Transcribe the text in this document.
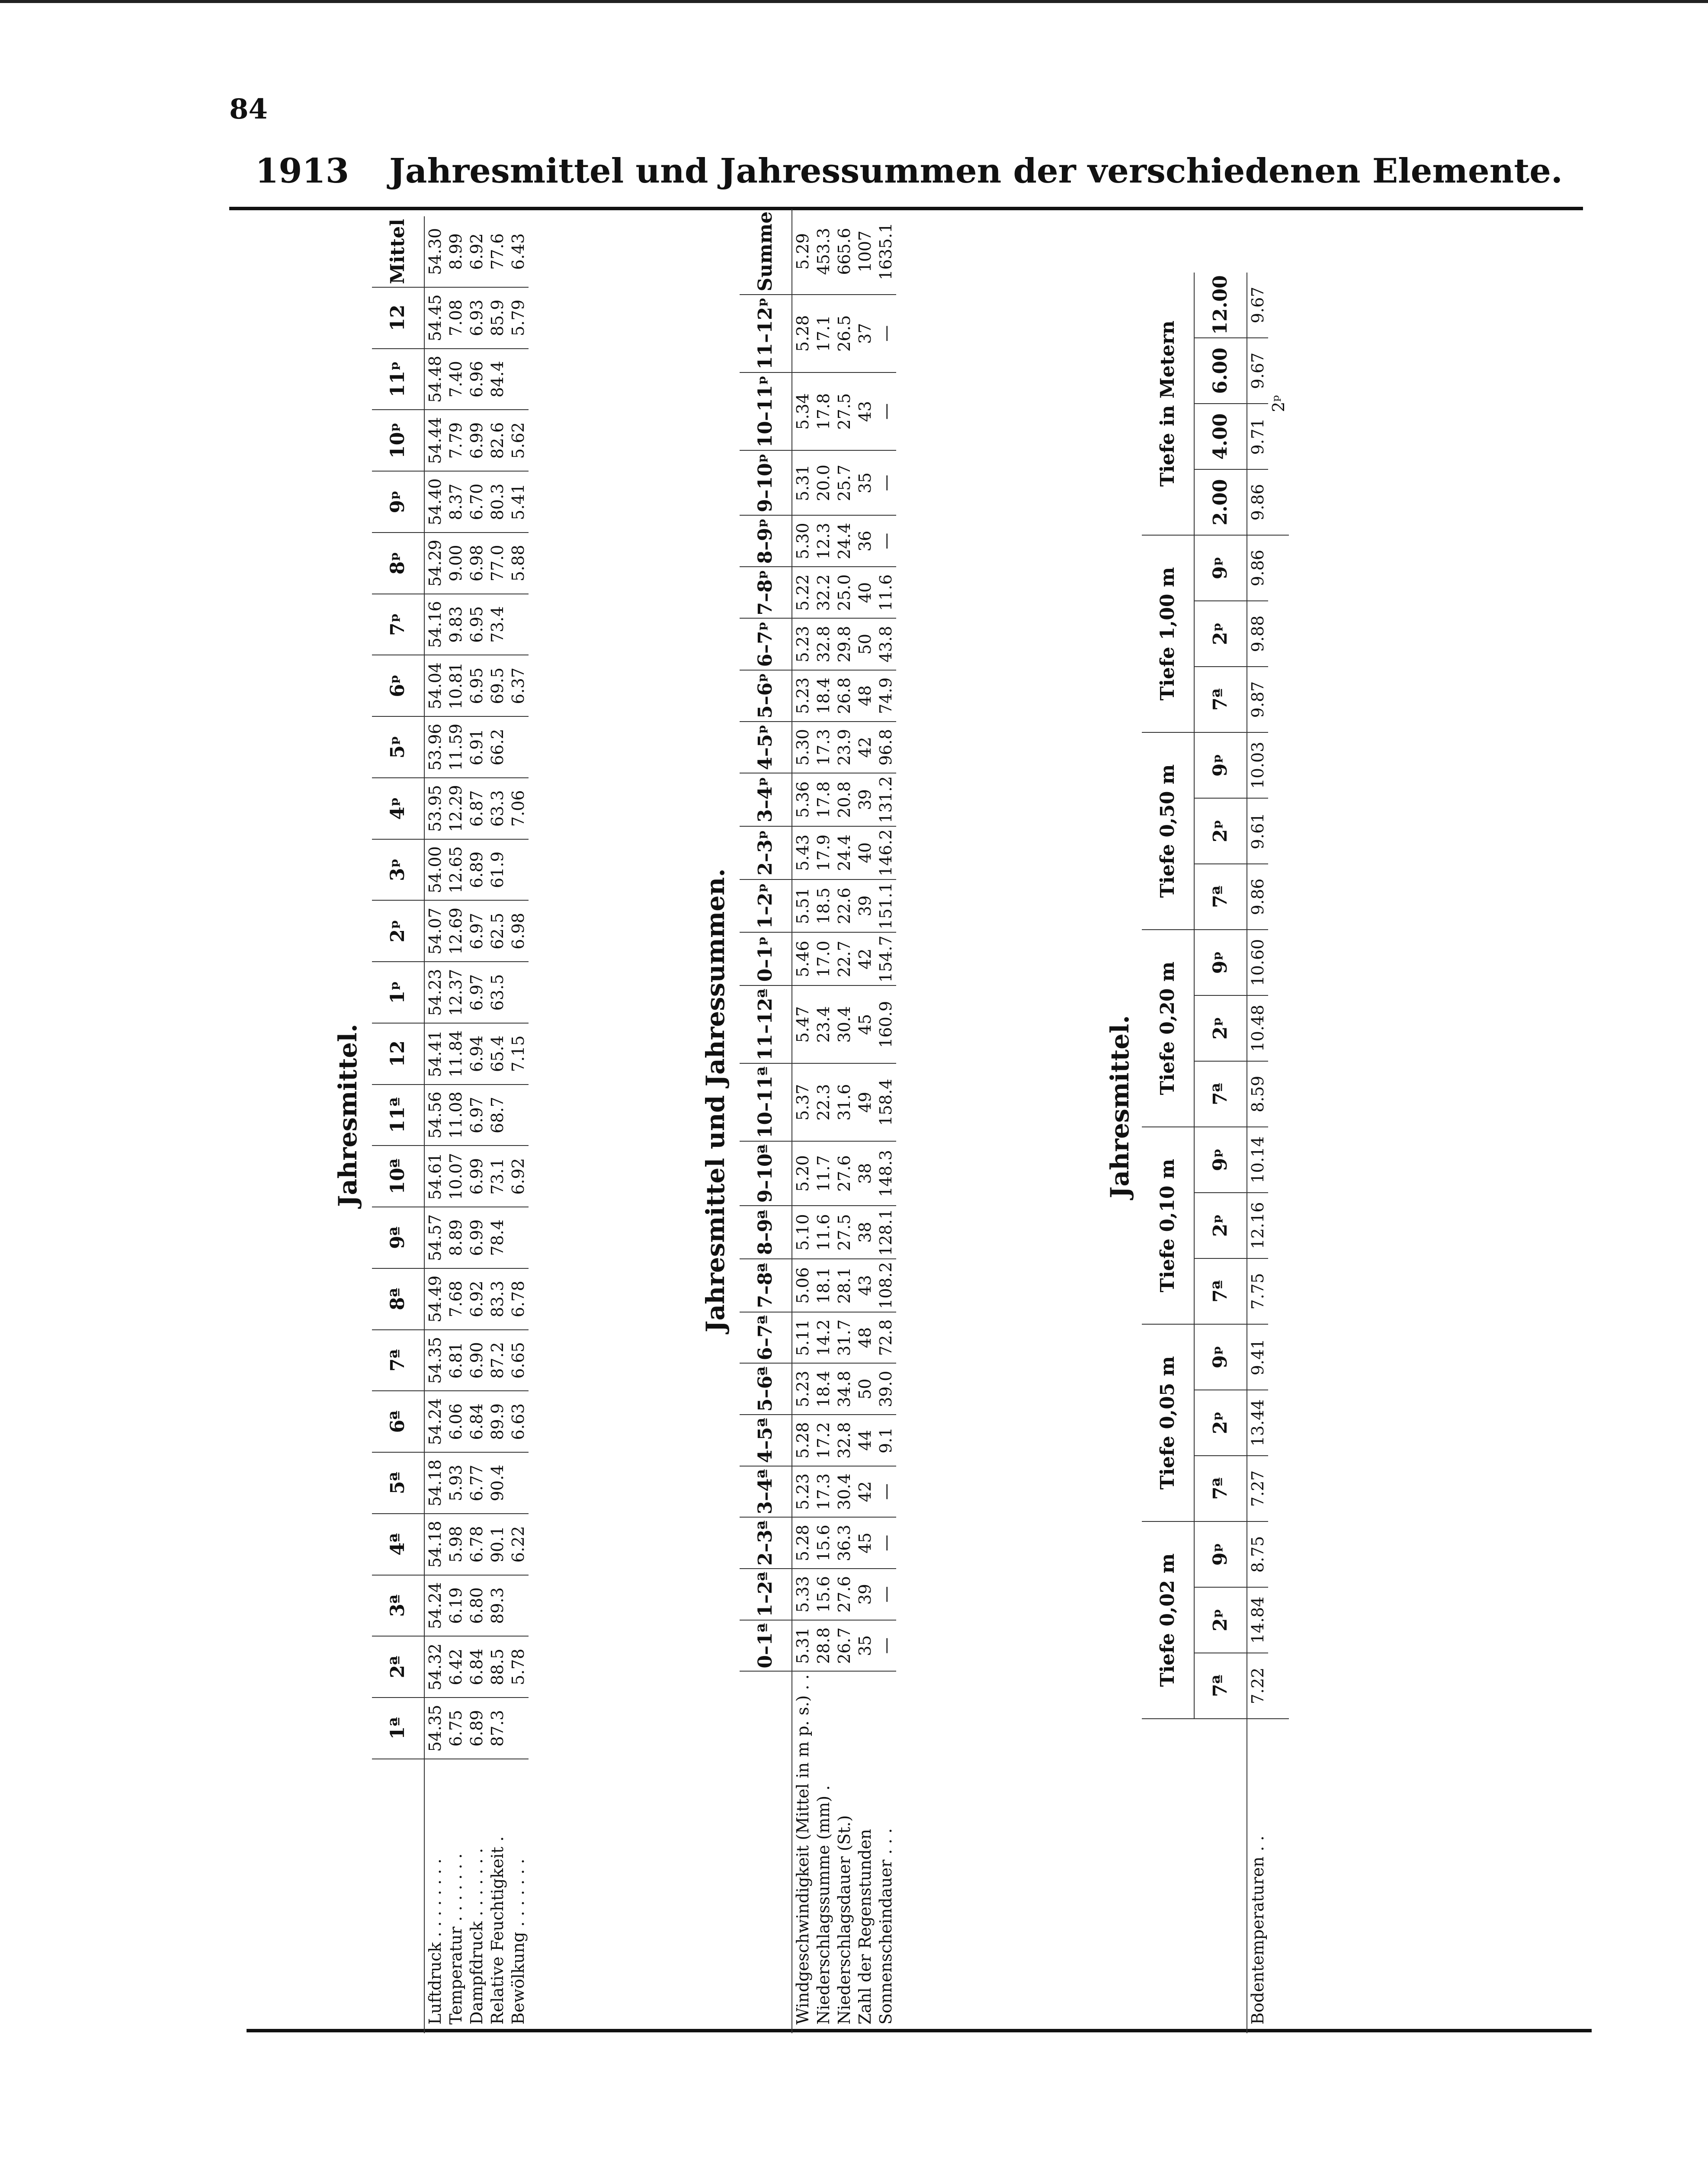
84
1913 Jahresmittel und Jahressummen der verschiedenen Elemente.
	1ª	2ª	3ª	4ª	5ª	6ª	7ª	8ª	9ª	10ª	11ª	12	1ᵖ	2ᵖ	3ᵖ	4ᵖ	5ᵖ	6ᵖ	7ᵖ	8ᵖ	9ᵖ	10ᵖ	11ᵖ	12	Mittel
Luftdruck . . . . . . . .	54.35	54.32	54.24	54.18	54.18	54.24	54.35	54.49	54.57	54.61	54.56	54.41	54.23	54.07	54.00	53.95	53.96	54.04	54.16	54.29	54.40	54.44	54.48	54.45	54.30
Temperatur . . . . . . .	6.75	6.42	6.19	5.98	5.93	6.06	6.81	7.68	8.89	10.07	11.08	11.84	12.37	12.69	12.65	12.29	11.59	10.81	9.83	9.00	8.37	7.79	7.40	7.08	8.99
Dampfdruck . . . . . . .	6.89	6.84	6.80	6.78	6.77	6.84	6.90	6.92	6.99	6.99	6.97	6.94	6.97	6.97	6.89	6.87	6.91	6.95	6.95	6.98	6.70	6.99	6.96	6.93	6.92
Relative Feuchtigkeit .	87.3	88.5	89.3	90.1	90.4	89.9	87.2	83.3	78.4	73.1	68.7	65.4	63.5	62.5	61.9	63.3	66.2	69.5	73.4	77.0	80.3	82.6	84.4	85.9	77.6
Bewölkung . . . . . . .		5.78		6.22		6.63	6.65	6.78		6.92		7.15		6.98		7.06		6.37		5.88	5.41	5.62		5.79	6.43
Jahresmittel.
	0–1ª	1–2ª	2–3ª	3–4ª	4–5ª	5–6ª	6–7ª	7–8ª	8–9ª	9–10ª	10–11ª	11–12ª	0–1ᵖ	1–2ᵖ	2–3ᵖ	3–4ᵖ	4–5ᵖ	5–6ᵖ	6–7ᵖ	7–8ᵖ	8–9ᵖ	9–10ᵖ	10–11ᵖ	11–12ᵖ	Summe
Windgeschwindigkeit (Mittel in m p. s.) . .	5.31	5.33	5.28	5.23	5.28	5.23	5.11	5.06	5.10	5.20	5.37	5.47	5.46	5.51	5.43	5.36	5.30	5.23	5.23	5.22	5.30	5.31	5.34	5.28	5.29
Niederschlagssumme (mm) .	28.8	15.6	15.6	17.3	17.2	18.4	14.2	18.1	11.6	11.7	22.3	23.4	17.0	18.5	17.9	17.8	17.3	18.4	32.8	32.2	12.3	20.0	17.8	17.1	453.3
Niederschlagsdauer (St.)	26.7	27.6	36.3	30.4	32.8	34.8	31.7	28.1	27.5	27.6	31.6	30.4	22.7	22.6	24.4	20.8	23.9	26.8	29.8	25.0	24.4	25.7	27.5	26.5	665.6
Zahl der Regenstunden	35	39	45	42	44	50	48	43	38	38	49	45	42	39	40	39	42	48	50	40	36	35	43	37	1007
Sonnenscheindauer . . .	—	—	—	—	9.1	39.0	72.8	108.2	128.1	148.3	158.4	160.9	154.7	151.1	146.2	131.2	96.8	74.9	43.8	11.6	—	—	—	—	1635.1
Jahresmittel und Jahressummen.
	Tiefe 0,02 m			Tiefe 0,05 m			Tiefe 0,10 m			Tiefe 0,20 m			Tiefe 0,50 m			Tiefe 1,00 m			Tiefe in Metern			
	7ª	2ᵖ	9ᵖ	7ª	2ᵖ	9ᵖ	7ª	2ᵖ	9ᵖ	7ª	2ᵖ	9ᵖ	7ª	2ᵖ	9ᵖ	7ª	2ᵖ	9ᵖ	2.00	4.00	6.00	12.00
Bodentemperaturen . .	7.22	14.84	8.75	7.27	13.44	9.41	7.75	12.16	10.14	8.59	10.48	10.60	9.86	9.61	10.03	9.87	9.88	9.86	9.86	9.71	9.67	9.67
																			2ᵖ			
Jahresmittel.
